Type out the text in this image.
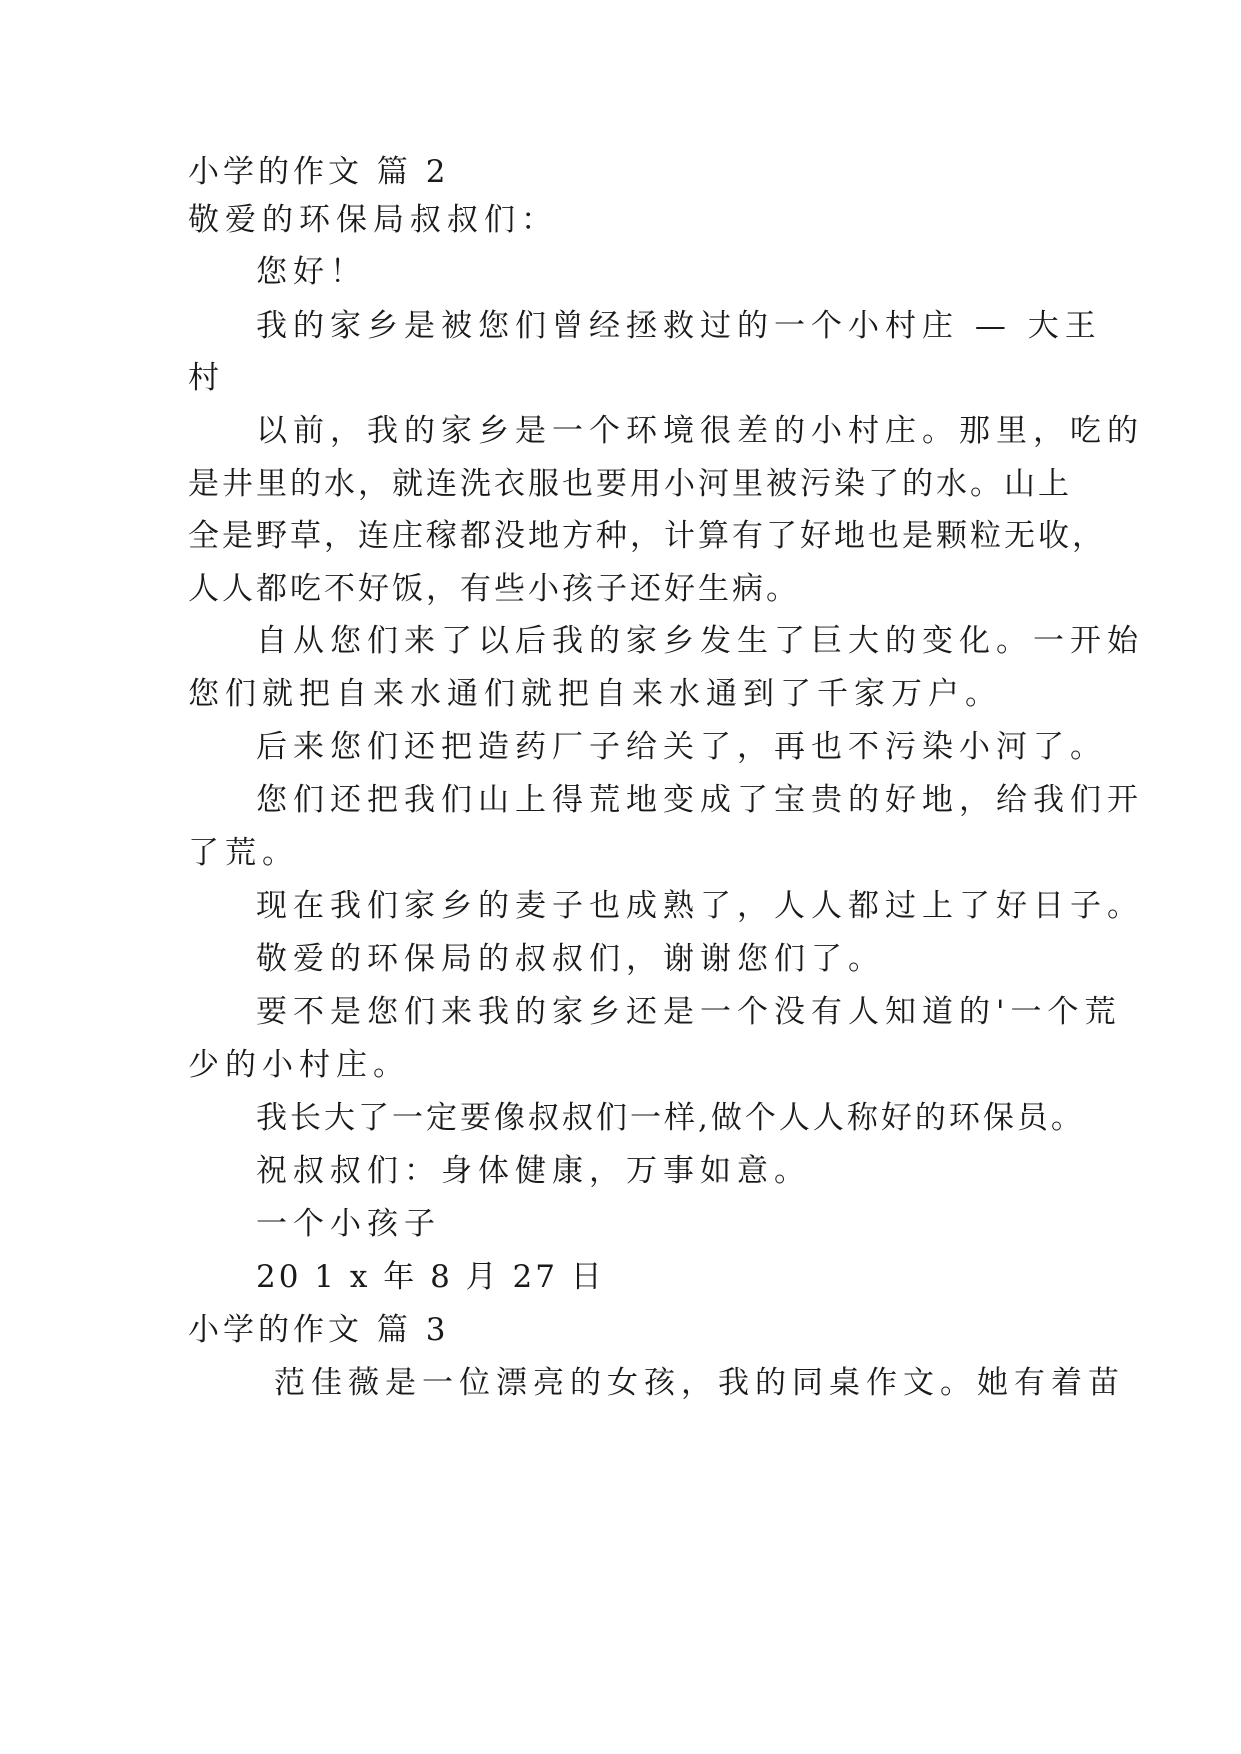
小学的作文 篇 2

敬爱的环保局叔叔们：

您好！

我的家乡是被您们曾经拯救过的一个小村庄 — 大王

村

以前，我的家乡是一个环境很差的小村庄。那里，吃的

是井里的水，就连洗衣服也要用小河里被污染了的水。山上

全是野草，连庄稼都没地方种，计算有了好地也是颗粒无收，

人人都吃不好饭，有些小孩子还好生病。

自从您们来了以后我的家乡发生了巨大的变化。一开始

您们就把自来水通们就把自来水通到了千家万户。

后来您们还把造药厂子给关了，再也不污染小河了。

您们还把我们山上得荒地变成了宝贵的好地，给我们开

了荒。

现在我们家乡的麦子也成熟了，人人都过上了好日子。

敬爱的环保局的叔叔们，谢谢您们了。

要不是您们来我的家乡还是一个没有人知道的'一个荒

少的小村庄。

我长大了一定要像叔叔们一样,做个人人称好的环保员。

祝叔叔们：身体健康，万事如意。

一个小孩子

20 1 x 年 8 月 27 日

小学的作文 篇 3

范佳薇是一位漂亮的女孩，我的同桌作文。她有着苗
